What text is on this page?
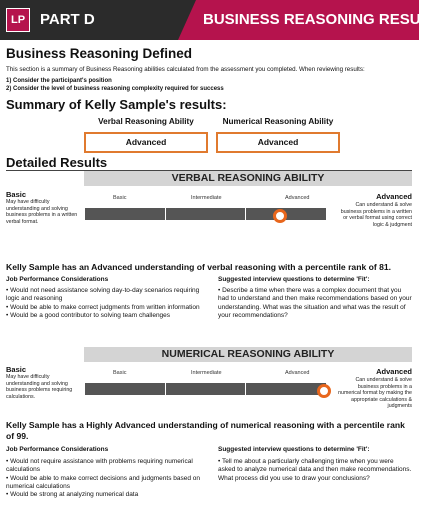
LP PART D	BUSINESS REASONING RESULTS
Business Reasoning Defined
This section is a summary of Business Reasoning abilities calculated from the assessment you completed. When reviewing results:
1) Consider the participant's position
2) Consider the level of business reasoning complexity required for success
Summary of Kelly Sample's results:
Verbal Reasoning Ability	Numerical Reasoning Ability
Advanced	Advanced
Detailed Results
VERBAL REASONING ABILITY
Basic
May have difficulty understanding and solving business problems in a written verbal format.
Basic	Intermediate	Advanced	Advanced
Can understand & solve business problems in a written or verbal format using correct logic & judgment
Kelly Sample has an Advanced understanding of verbal reasoning with a percentile rank of 81.
Job Performance Considerations
• Would not need assistance solving day-to-day scenarios requiring logic and reasoning
• Would be able to make correct judgments from written information
• Would be a good contributor to solving team challenges
Suggested interview questions to determine 'Fit':
• Describe a time when there was a complex document that you had to understand and then make recommendations based on your understanding. What was the situation and what was the result of your recommendations?
NUMERICAL REASONING ABILITY
Basic
May have difficulty understanding and solving business problems requiring calculations.
Basic	Intermediate	Advanced	Advanced
Can understand & solve business problems in a numerical format by making the appropriate calculations & judgments
Kelly Sample has a Highly Advanced understanding of numerical reasoning with a percentile rank of 99.
Job Performance Considerations
• Would not require assistance with problems requiring numerical calculations
• Would be able to make correct decisions and judgments based on numerical calculations
• Would be strong at analyzing numerical data
Suggested interview questions to determine 'Fit':
• Tell me about a particularly challenging time when you were asked to analyze numerical data and then make recommendations. What process did you use to draw your conclusions?
